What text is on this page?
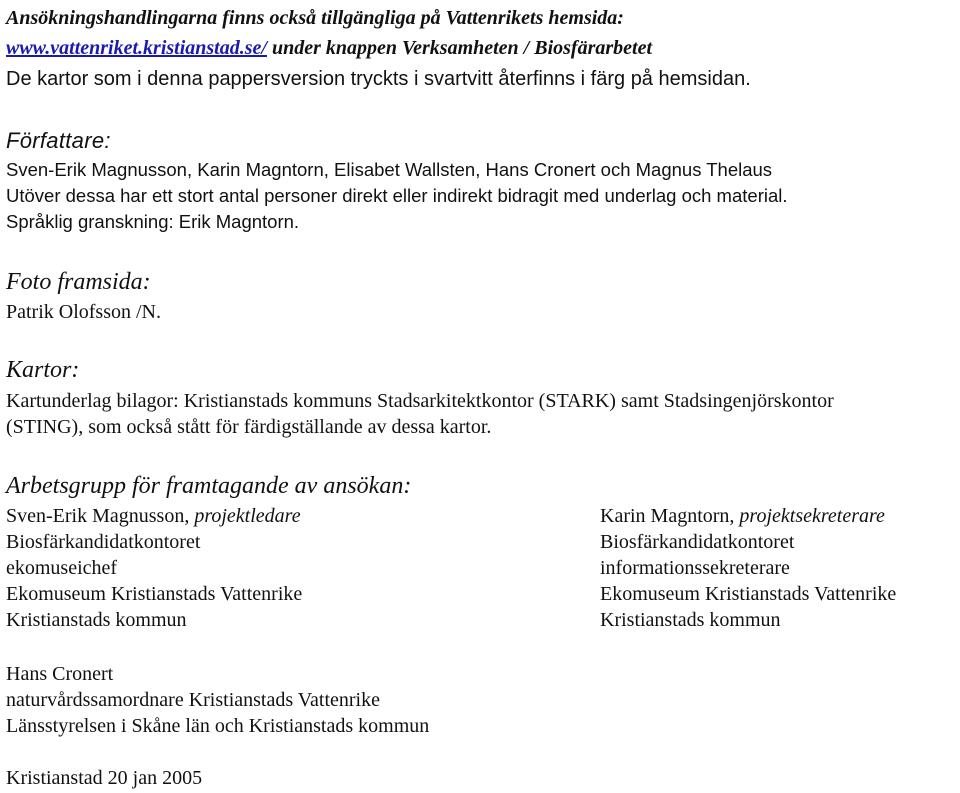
Ansökningshandlingarna finns också tillgängliga på Vattenrikets hemsida:
www.vattenriket.kristianstad.se/ under knappen Verksamheten / Biosfärarbetet
De kartor som i denna pappersversion tryckts i svartvitt återfinns i färg på hemsidan.
Författare:
Sven-Erik Magnusson, Karin Magntorn, Elisabet Wallsten, Hans Cronert och Magnus Thelaus
Utöver dessa har ett stort antal personer direkt eller indirekt bidragit med underlag och material.
Språklig granskning: Erik Magntorn.
Foto framsida:
Patrik Olofsson /N.
Kartor:
Kartunderlag bilagor: Kristianstads kommuns Stadsarkitektkontor (STARK) samt Stadsingenjörskontor
(STING), som också stått för färdigställande av dessa kartor.
Arbetsgrupp för framtagande av ansökan:
Sven-Erik Magnusson, projektledare
Biosfärkandidatkontoret
ekomuseichef
Ekomuseum Kristianstads Vattenrike
Kristianstads kommun
Karin Magntorn, projektsekreterare
Biosfärkandidatkontoret
informationssekreterare
Ekomuseum Kristianstads Vattenrike
Kristianstads kommun
Hans Cronert
naturvårdssamordnare Kristianstads Vattenrike
Länsstyrelsen i Skåne län och Kristianstads kommun
Kristianstad 20 jan 2005
